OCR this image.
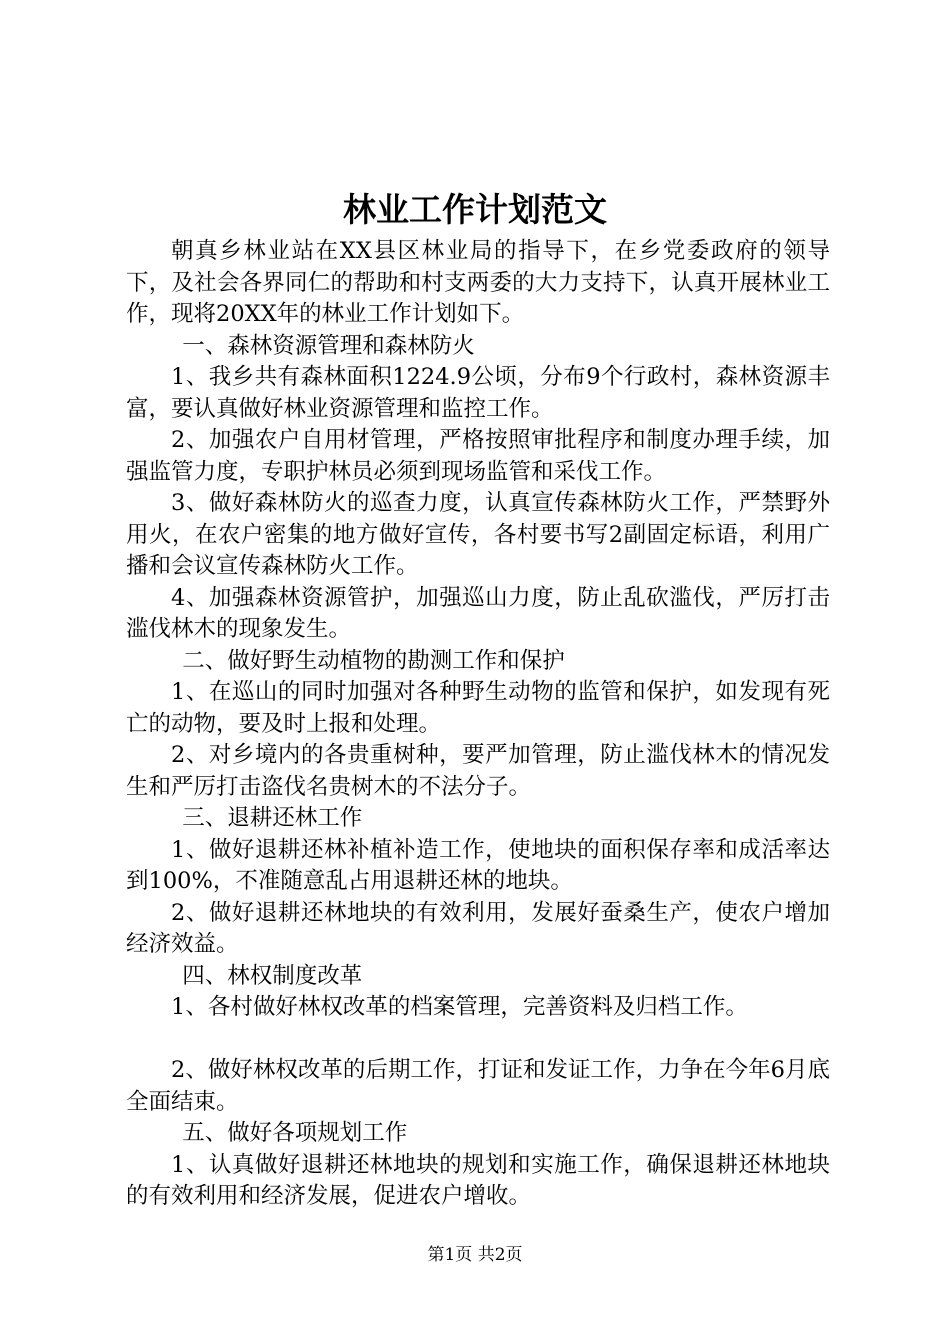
林业工作计划范文

朝真乡林业站在XX县区林业局的指导下，在乡党委政府的领导下，及社会各界同仁的帮助和村支两委的大力支持下，认真开展林业工作，现将20XX年的林业工作计划如下。

一、森林资源管理和森林防火

1、我乡共有森林面积1224.9公顷，分布9个行政村，森林资源丰富，要认真做好林业资源管理和监控工作。

2、加强农户自用材管理，严格按照审批程序和制度办理手续，加强监管力度，专职护林员必须到现场监管和采伐工作。

3、做好森林防火的巡查力度，认真宣传森林防火工作，严禁野外用火，在农户密集的地方做好宣传，各村要书写2副固定标语，利用广播和会议宣传森林防火工作。

4、加强森林资源管护，加强巡山力度，防止乱砍滥伐，严厉打击滥伐林木的现象发生。

二、做好野生动植物的勘测工作和保护

1、在巡山的同时加强对各种野生动物的监管和保护，如发现有死亡的动物，要及时上报和处理。

2、对乡境内的各贵重树种，要严加管理，防止滥伐林木的情况发生和严厉打击盗伐名贵树木的不法分子。

三、退耕还林工作

1、做好退耕还林补植补造工作，使地块的面积保存率和成活率达到100%，不准随意乱占用退耕还林的地块。

2、做好退耕还林地块的有效利用，发展好蚕桑生产，使农户增加经济效益。

四、林权制度改革

1、各村做好林权改革的档案管理，完善资料及归档工作。

2、做好林权改革的后期工作，打证和发证工作，力争在今年6月底全面结束。

五、做好各项规划工作

1、认真做好退耕还林地块的规划和实施工作，确保退耕还林地块的有效利用和经济发展，促进农户增收。

第1页 共2页
